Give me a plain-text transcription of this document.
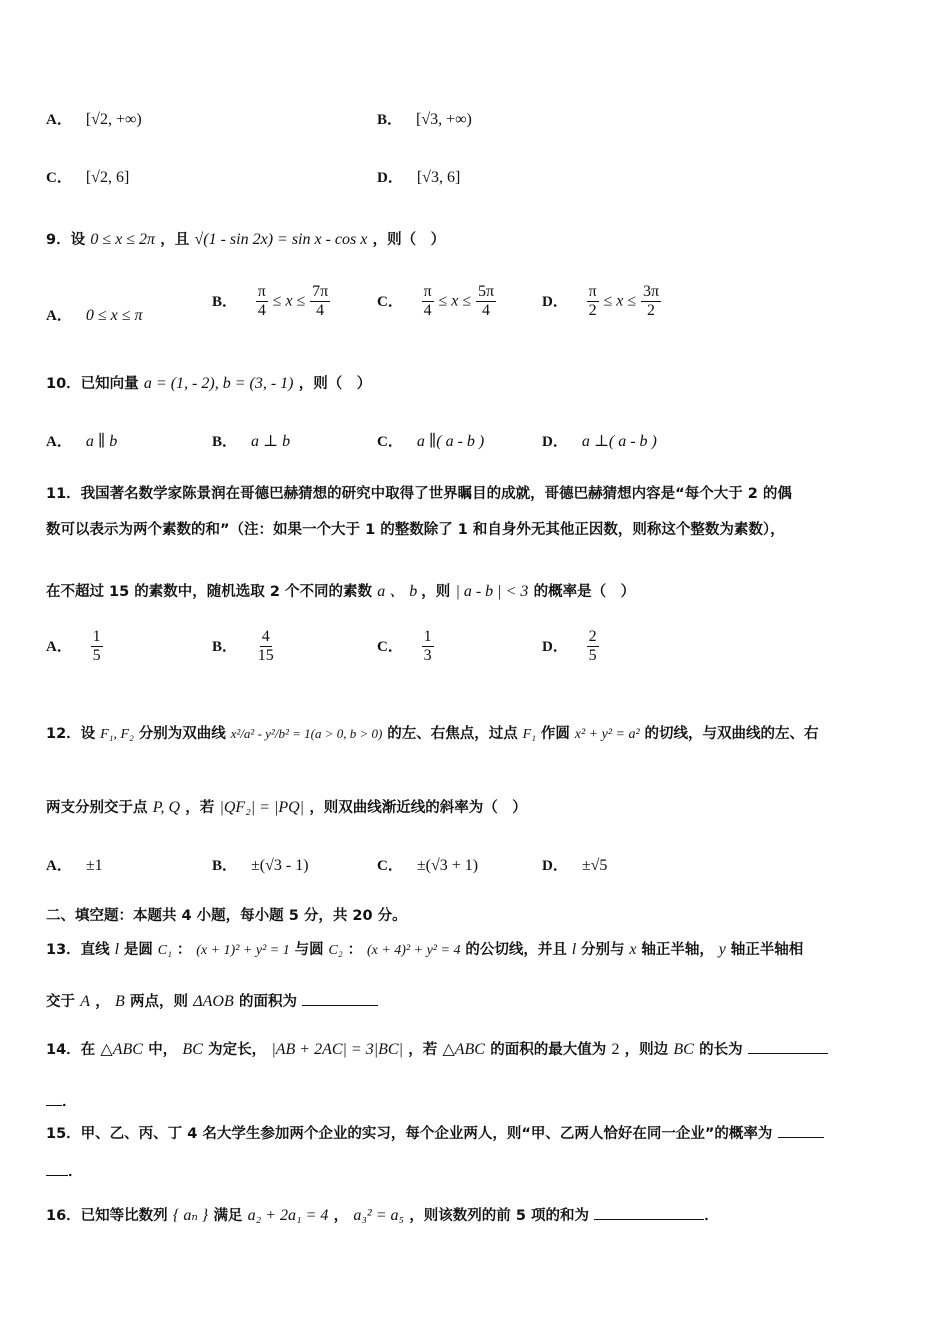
A． [√2, +∞)	B． [√3, +∞)
C． [√2, 6]	D． [√3, 6]
9．设 0 ≤ x ≤ 2π ，且 √(1 - sin 2x) = sin x - cos x ，则（　）
A． 0 ≤ x ≤ π
B． $\frac{\pi}{4} \le x \le \frac{7\pi}{4}$	C． $\frac{\pi}{4} \le x \le \frac{5\pi}{4}$	D． $\frac{\pi}{2} \le x \le \frac{3\pi}{2}$
10．已知向量 a = (1, - 2), b = (3, - 1) ，则（　）
A． a ∥ b	B． a ⊥ b	C． a ∥( a - b )	D． a ⊥( a - b )
11．我国著名数学家陈景润在哥德巴赫猜想的研究中取得了世界瞩目的成就，哥德巴赫猜想内容是“每个大于 2 的偶
数可以表示为两个素数的和”（注：如果一个大于 1 的整数除了 1 和自身外无其他正因数，则称这个整数为素数），
在不超过 15 的素数中，随机选取 2 个不同的素数 a 、 b ，则 | a - b | < 3 的概率是（　）
A． $\frac{1}{5}$	B． $\frac{4}{15}$	C． $\frac{1}{3}$	D． $\frac{2}{5}$
12．设 F₁, F₂ 分别为双曲线 x²/a² - y²/b² = 1(a > 0, b > 0) 的左、右焦点，过点 F₁ 作圆 x² + y² = a² 的切线，与双曲线的左、右
两支分别交于点 P, Q ，若 |QF₂| = |PQ| ，则双曲线渐近线的斜率为（　）
A． ±1	B． ±(√3 - 1)	C． ±(√3 + 1)	D． ±√5
二、填空题：本题共 4 小题，每小题 5 分，共 20 分。
13．直线 l 是圆 C₁ ： (x + 1)² + y² = 1 与圆 C₂ ： (x + 4)² + y² = 4 的公切线，并且 l 分别与 x 轴正半轴， y 轴正半轴相
交于 A ， B 两点，则 ΔAOB 的面积为
14．在 △ABC 中， BC 为定长， |AB + 2AC| = 3|BC| ，若 △ABC 的面积的最大值为 2 ，则边 BC 的长为
．
15．甲、乙、丙、丁 4 名大学生参加两个企业的实习，每个企业两人，则“甲、乙两人恰好在同一企业”的概率为
．
16．已知等比数列 { aₙ } 满足 a₂ + 2a₁ = 4 ， a₃² = a₅ ，则该数列的前 5 项的和为	．
